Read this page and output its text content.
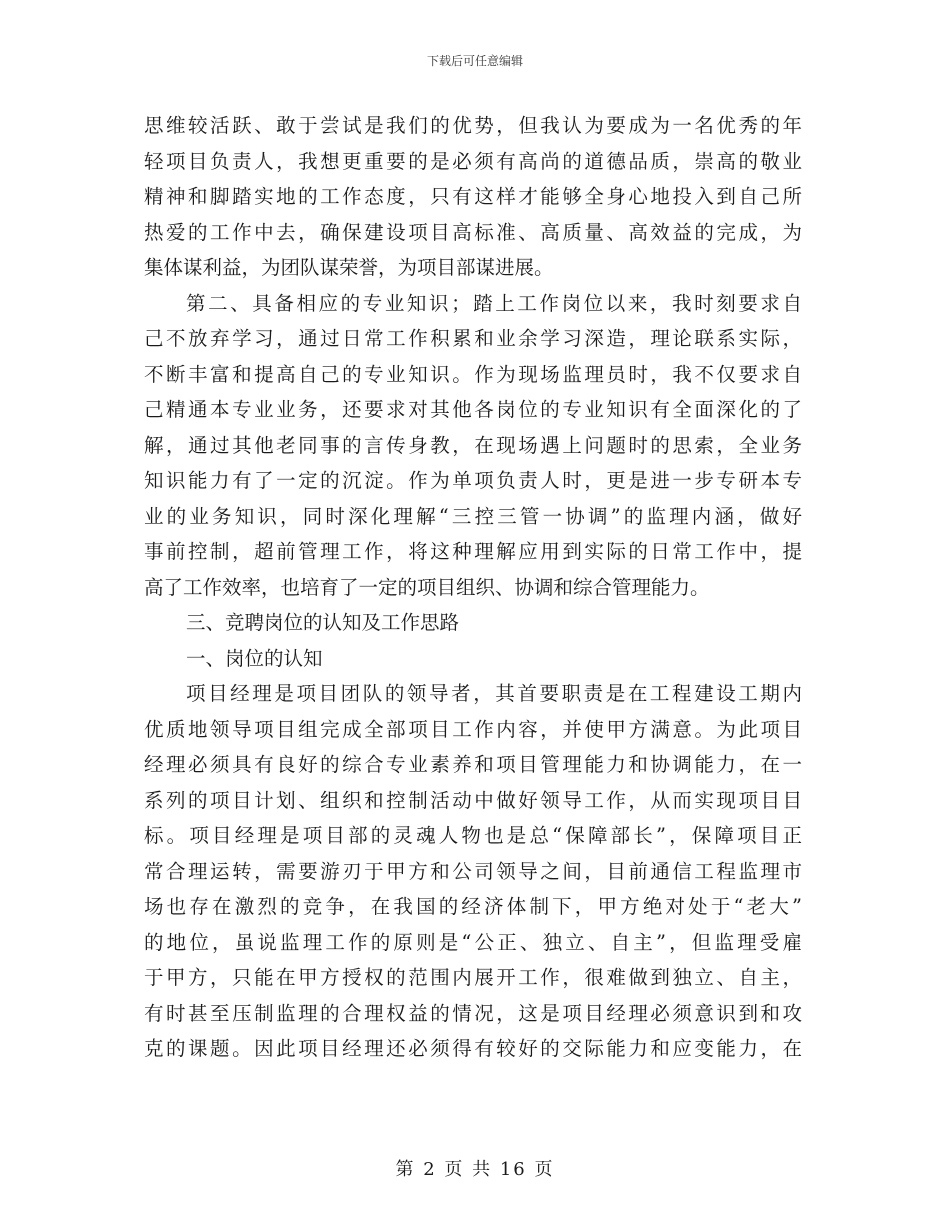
下载后可任意编辑
思维较活跃、敢于尝试是我们的优势，但我认为要成为一名优秀的年
轻项目负责人，我想更重要的是必须有高尚的道德品质，崇高的敬业
精神和脚踏实地的工作态度，只有这样才能够全身心地投入到自己所
热爱的工作中去，确保建设项目高标准、高质量、高效益的完成，为
集体谋利益，为团队谋荣誉，为项目部谋进展。
第二、具备相应的专业知识；踏上工作岗位以来，我时刻要求自
己不放弃学习，通过日常工作积累和业余学习深造，理论联系实际，
不断丰富和提高自己的专业知识。作为现场监理员时，我不仅要求自
己精通本专业业务，还要求对其他各岗位的专业知识有全面深化的了
解，通过其他老同事的言传身教，在现场遇上问题时的思索，全业务
知识能力有了一定的沉淀。作为单项负责人时，更是进一步专研本专
业的业务知识，同时深化理解“三控三管一协调”的监理内涵，做好
事前控制，超前管理工作，将这种理解应用到实际的日常工作中，提
高了工作效率，也培育了一定的项目组织、协调和综合管理能力。
三、竞聘岗位的认知及工作思路
一、岗位的认知
项目经理是项目团队的领导者，其首要职责是在工程建设工期内
优质地领导项目组完成全部项目工作内容，并使甲方满意。为此项目
经理必须具有良好的综合专业素养和项目管理能力和协调能力，在一
系列的项目计划、组织和控制活动中做好领导工作，从而实现项目目
标。项目经理是项目部的灵魂人物也是总“保障部长”，保障项目正
常合理运转，需要游刃于甲方和公司领导之间，目前通信工程监理市
场也存在激烈的竞争，在我国的经济体制下，甲方绝对处于“老大”
的地位，虽说监理工作的原则是“公正、独立、自主”，但监理受雇
于甲方，只能在甲方授权的范围内展开工作，很难做到独立、自主，
有时甚至压制监理的合理权益的情况，这是项目经理必须意识到和攻
克的课题。因此项目经理还必须得有较好的交际能力和应变能力，在
第 2 页 共 16 页
